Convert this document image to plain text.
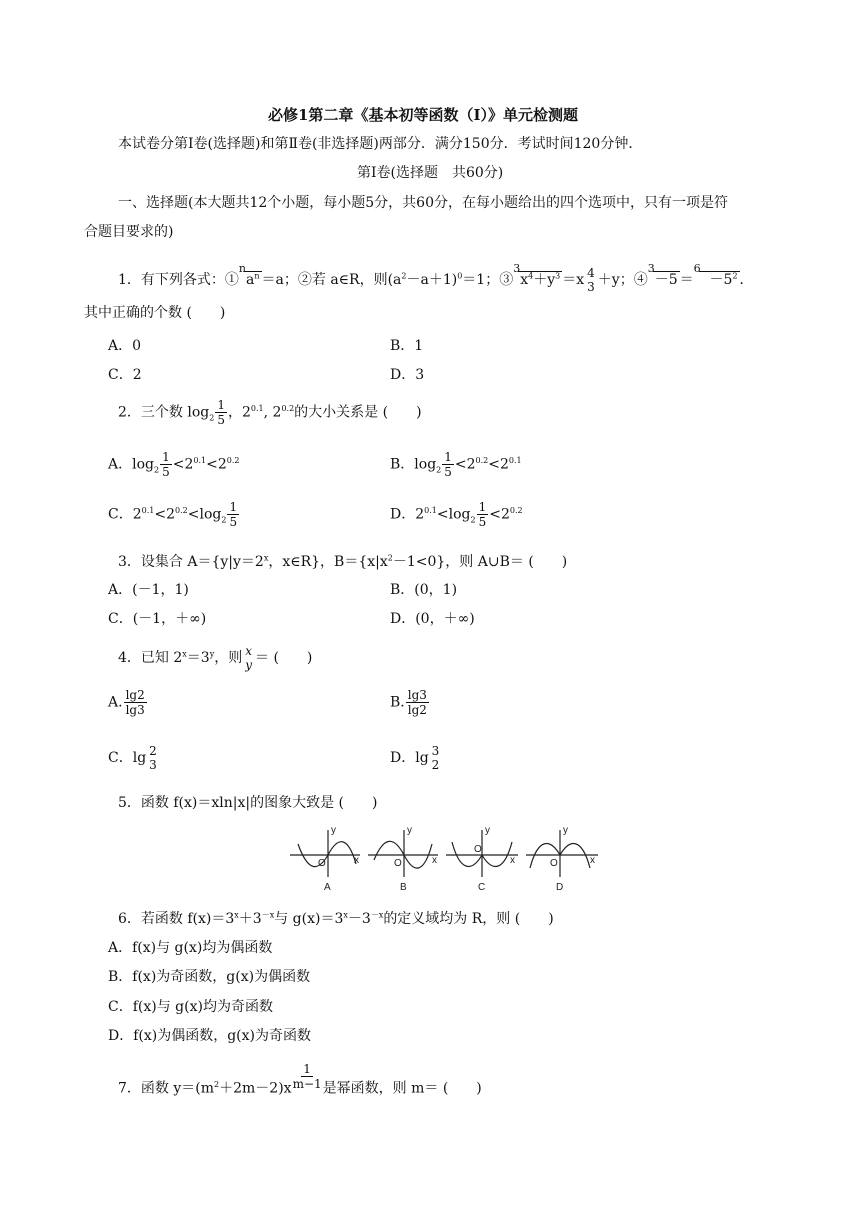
必修1第二章《基本初等函数（Ⅰ）》单元检测题
本试卷分第Ⅰ卷(选择题)和第Ⅱ卷(非选择题)两部分．满分150分．考试时间120分钟．
第Ⅰ卷(选择题　共60分)
一、选择题(本大题共12个小题，每小题5分，共60分，在每小题给出的四个选项中，只有一项是符
合题目要求的)
1．有下列各式：$①^na^n =a$；②若 a∈R，则$(a^2-a+1)^0=1$；$③^3x^4+y^3 =x$ 4
3 ＋y；④$^3$－5 $=^6 -5^2$ ．
其中正确的个数 (　　)
A．0	B．1
C．2	D．3
2．三个数 $\log_2 \frac{1}{5}$ ，$2^{0.1}$, $2^{0.2}$的大小关系是 (　　)
A．$\log_2 \frac{1}{5} <2^{0.1}<2^{0.2}$	B．$\log_2 \frac{1}{5} <2^{0.2}<2^{0.1}$
C．$2^{0.1}<2^{0.2}<\log_2 \frac{1}{5}$	D．$2^{0.1}<\log_2 \frac{1}{5} <2^{0.2}$
3．设集合 $A=\{y|y=2^x$，x∈R}，$B=\{x|x^2-1<0\}$，则 A∪B＝ (　　)
A．(－1，1)	B．(0，1)
C．(－1，＋∞)	D．(0，＋∞)
4．已知 $2^x=3^y$，则 x
y ＝ (　　)
A. $\frac{\lg 2}{\lg 3}$	B. $\frac{\lg 3}{\lg 2}$
C．lg 2
3	D．lg 3
2
5．函数 f(x)＝xln|x|的图象大致是 (　　)
y
x
O
y
x
O
y
x
O
y
x
O
A	B	C	D
6．若函数 $f(x)=3^x+3^{-x}$与 $g(x)=3^x-3^{-x}$的定义域均为 R，则 (　　)
A．f(x)与 g(x)均为偶函数
B．f(x)为奇函数，g(x)为偶函数
C．f(x)与 g(x)均为奇函数
D．f(x)为偶函数，g(x)为奇函数
7．函数 $y=(m^2+2m-2)x \frac{1}{m-1}$ 是幂函数，则 m＝ (　　)
